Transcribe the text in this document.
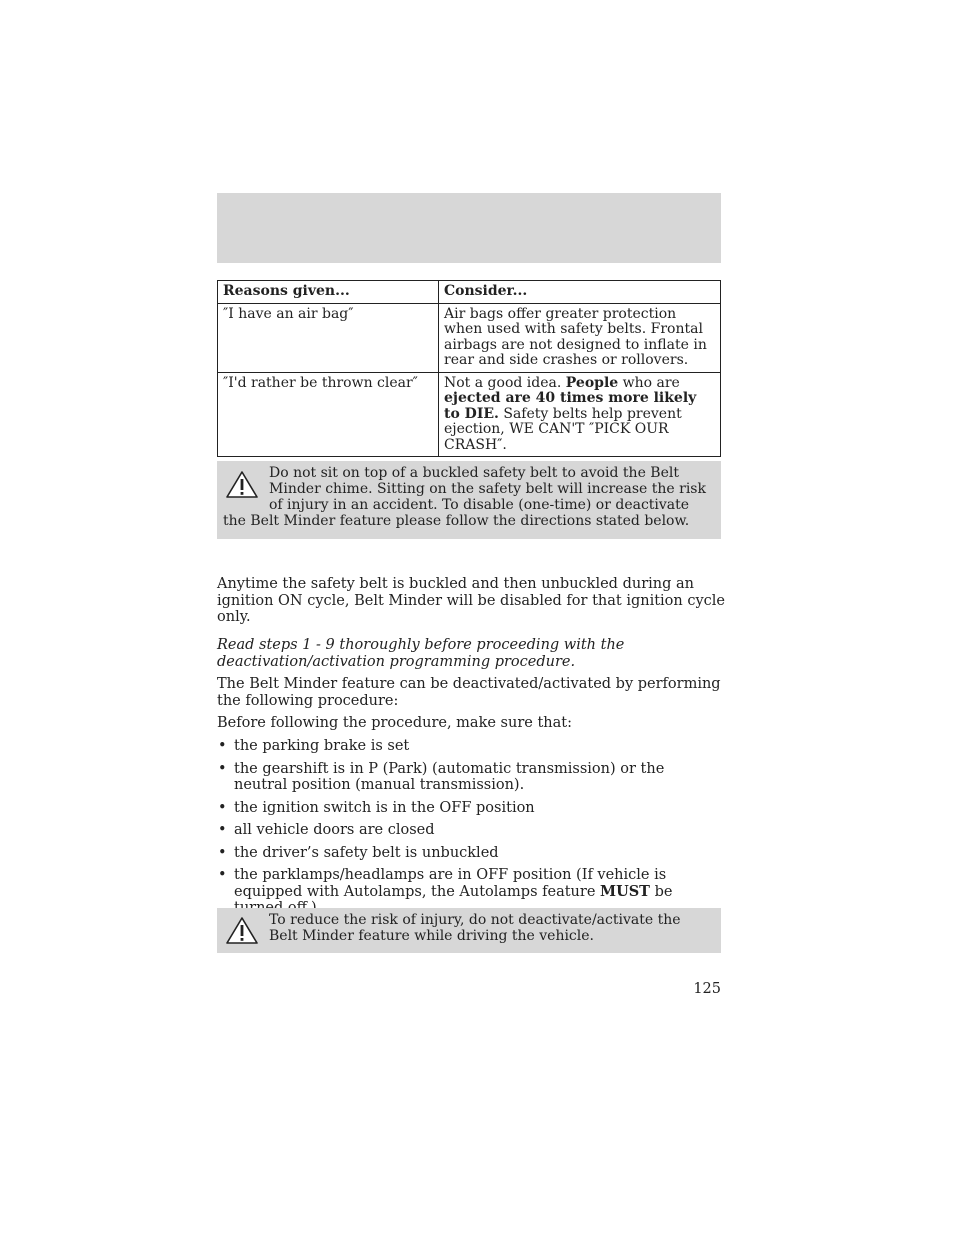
Reasons given...	Consider...
″I have an air bag″	Air bags offer greater protection when used with safety belts. Frontal airbags are not designed to inflate in rear and side crashes or rollovers.
″I'd rather be thrown clear″	Not a good idea. People who are ejected are 40 times more likely to DIE. Safety belts help prevent ejection, WE CAN'T ″PICK OUR CRASH″.
Do not sit on top of a buckled safety belt to avoid the Belt Minder chime. Sitting on the safety belt will increase the risk of injury in an accident. To disable (one-time) or deactivate the Belt Minder feature please follow the directions stated below.

Anytime the safety belt is buckled and then unbuckled during an ignition ON cycle, Belt Minder will be disabled for that ignition cycle only.

Read steps 1 - 9 thoroughly before proceeding with the deactivation/activation programming procedure.

The Belt Minder feature can be deactivated/activated by performing the following procedure:

Before following the procedure, make sure that:

• the parking brake is set
• the gearshift is in P (Park) (automatic transmission) or the neutral position (manual transmission).
• the ignition switch is in the OFF position
• all vehicle doors are closed
• the driver’s safety belt is unbuckled
• the parklamps/headlamps are in OFF position (If vehicle is equipped with Autolamps, the Autolamps feature MUST be
To reduce the risk of injury, do not deactivate/activate the Belt Minder feature while driving the vehicle.
125
